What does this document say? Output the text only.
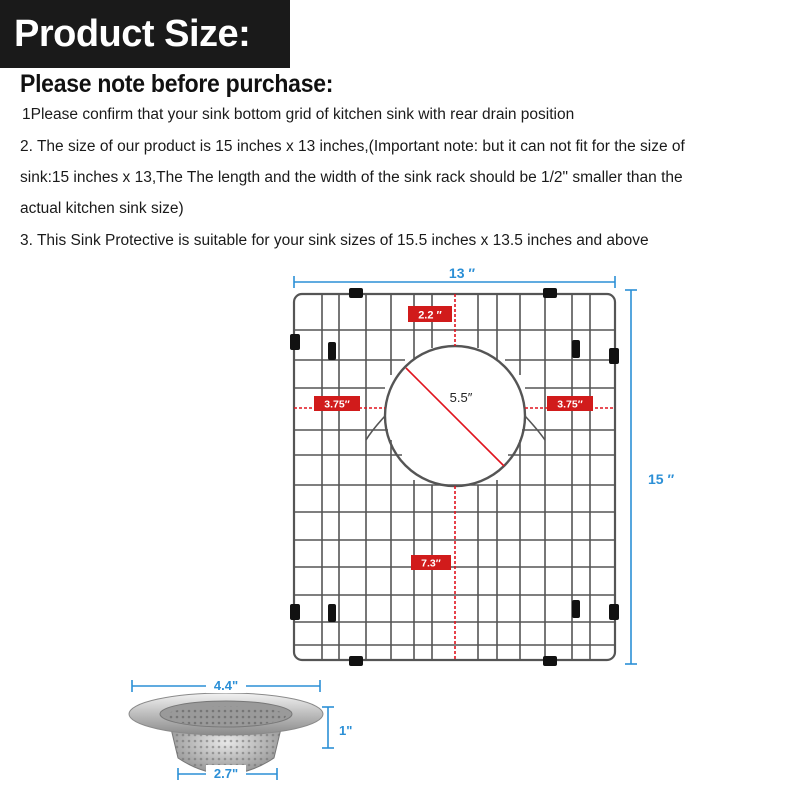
Product Size:
Please note before purchase:
1Please confirm that your sink bottom grid of kitchen sink with rear drain position
2. The size of our product is 15 inches x 13 inches,(Important note: but it can not fit for the size of
sink:15 inches x 13,The The length and the width of the sink rack should be 1/2" smaller than the
actual kitchen sink size)
3. This Sink Protective is suitable for your sink sizes of 15.5 inches x 13.5 inches and above
2.2 ″
3.75″	3.75″
5.5″
7.3″
13 ″
15 ″
4.4"
1"
2.7"
